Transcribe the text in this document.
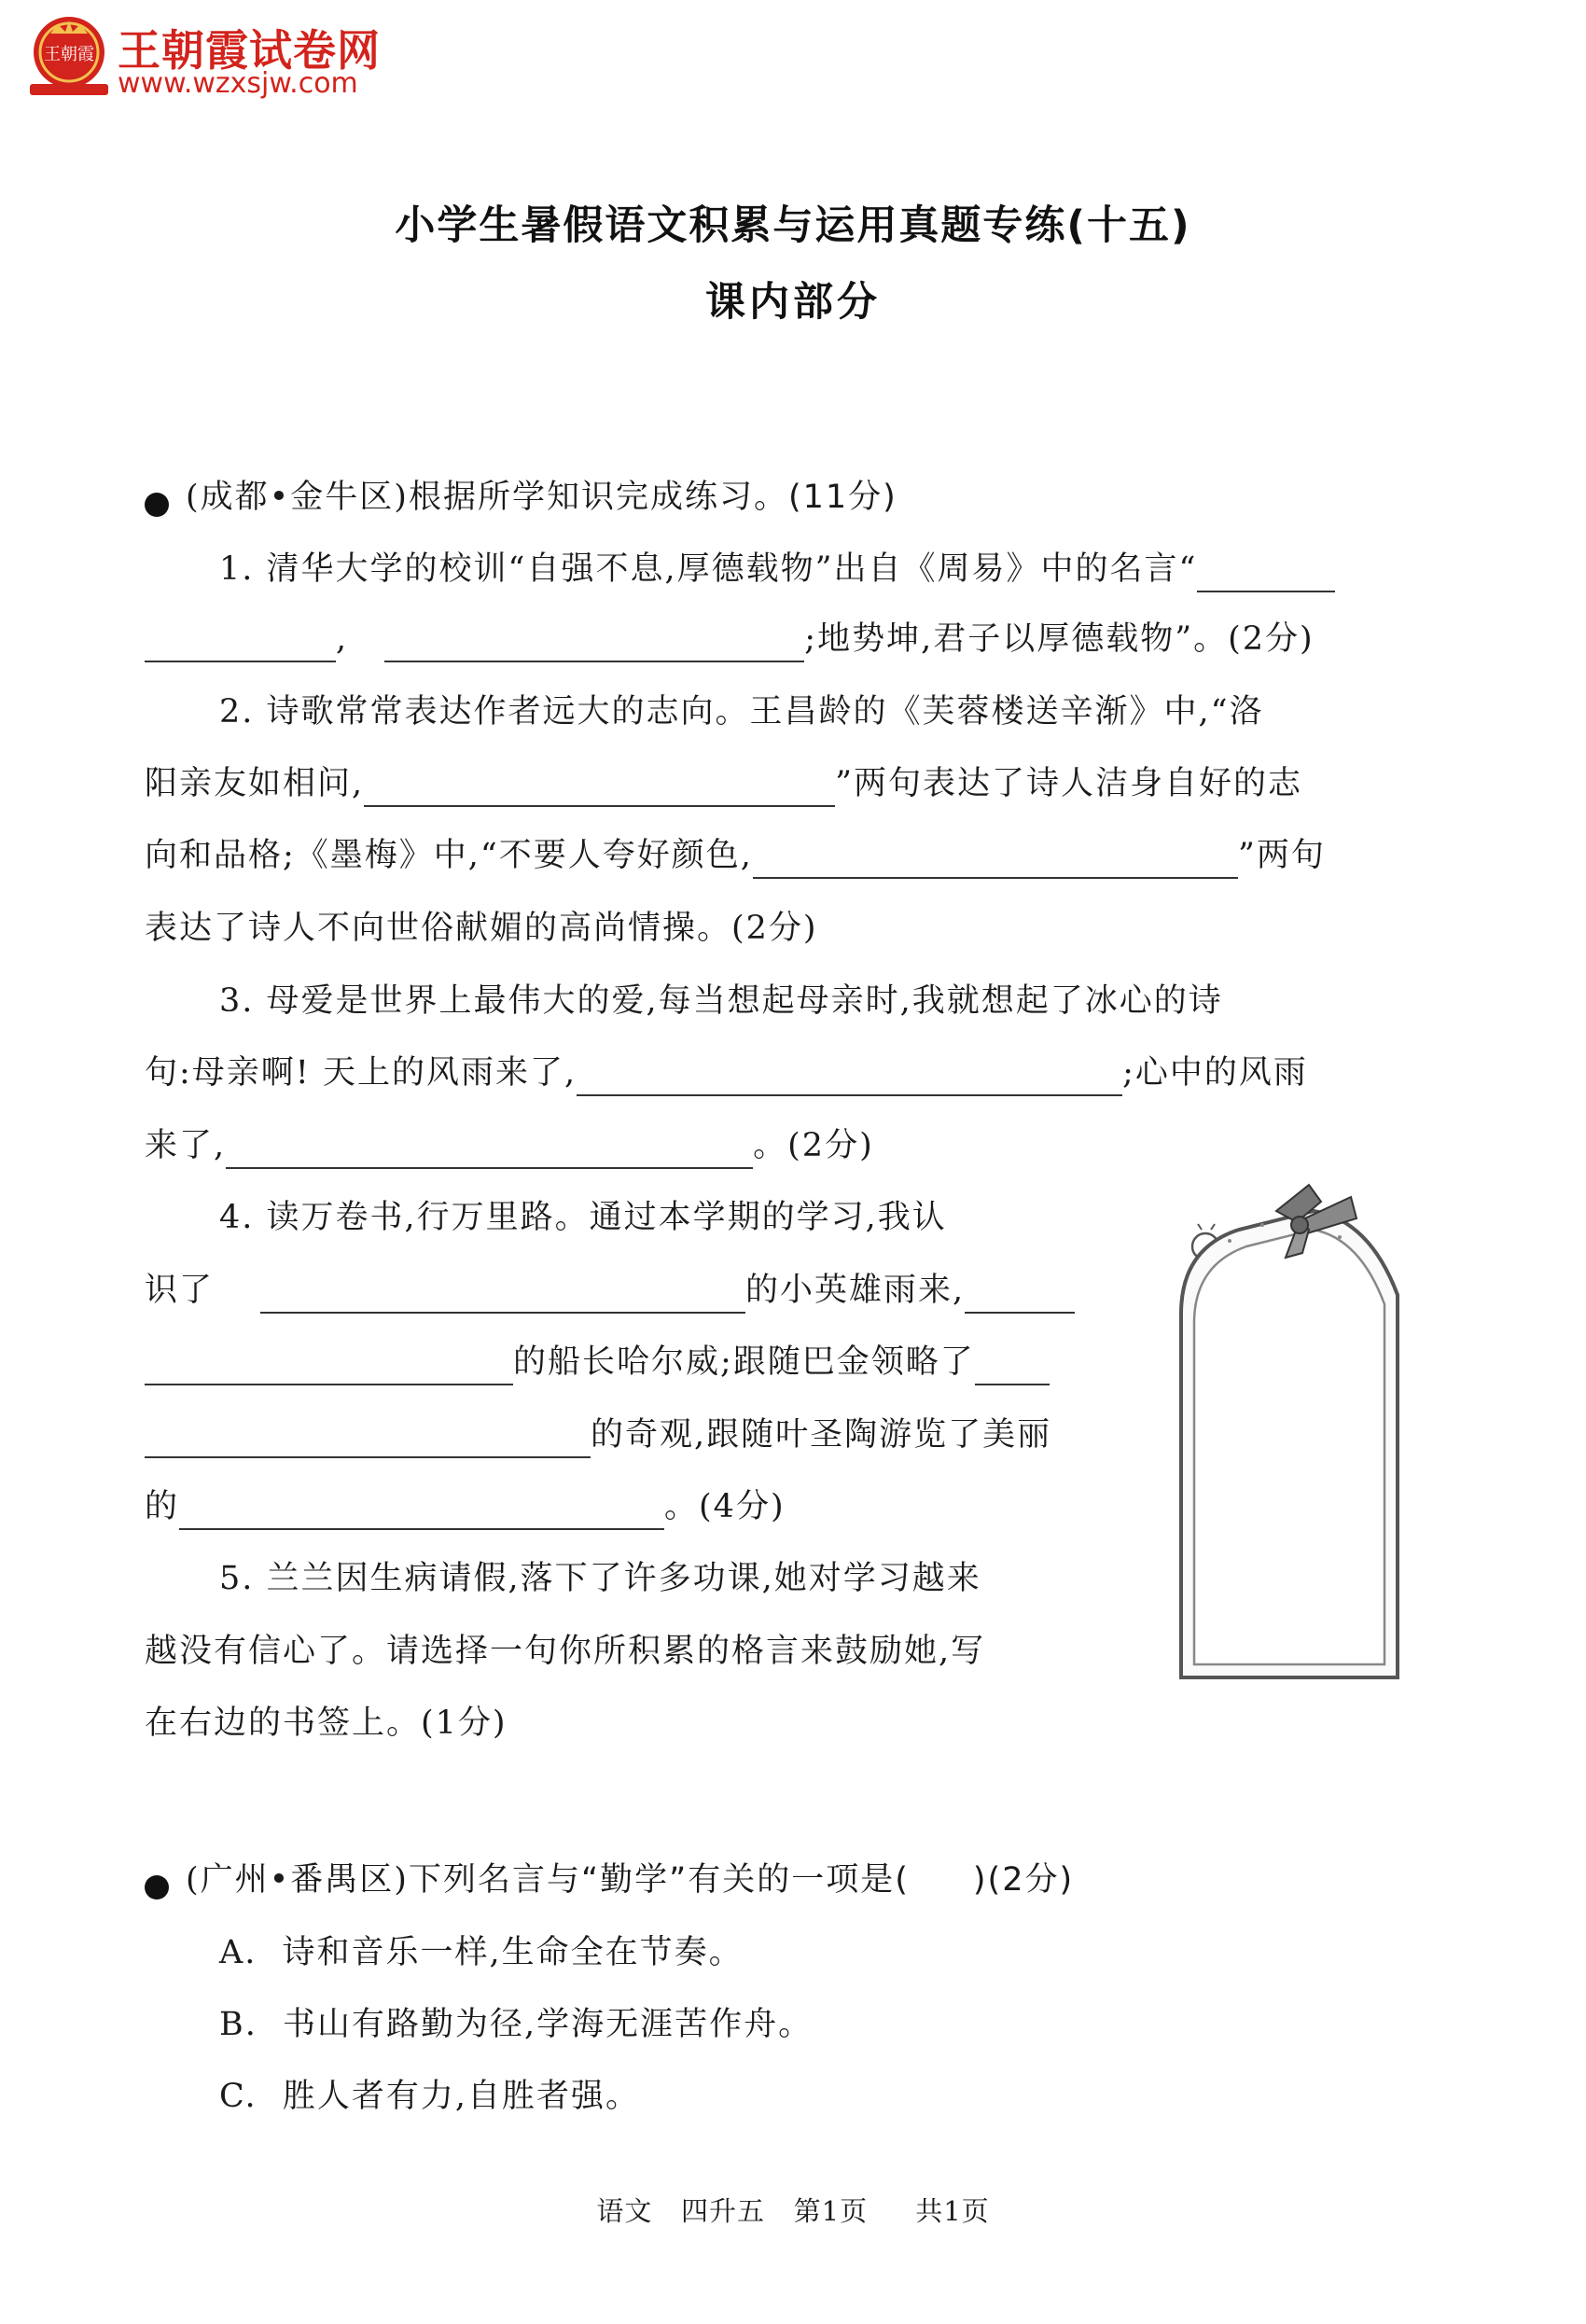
王朝霞 王朝霞试卷网
www.wzxsjw.com
小学生暑假语文积累与运用真题专练(十五)
课内部分
(成都•金牛区)根据所学知识完成练习。(11分)
1. 清华大学的校训“自强不息,厚德载物”出自《周易》中的名言“
,	;地势坤,君子以厚德载物”。(2分)
2. 诗歌常常表达作者远大的志向。王昌龄的《芙蓉楼送辛渐》中,“洛
阳亲友如相问,	”两句表达了诗人洁身自好的志
向和品格;《墨梅》中,“不要人夸好颜色,	”两句
表达了诗人不向世俗献媚的高尚情操。(2分)
3. 母爱是世界上最伟大的爱,每当想起母亲时,我就想起了冰心的诗
句:母亲啊! 天上的风雨来了,	;心中的风雨
来了,	。(2分)
4. 读万卷书,行万里路。通过本学期的学习,我认
识了	的小英雄雨来,
的船长哈尔威;跟随巴金领略了
的奇观,跟随叶圣陶游览了美丽
的	。(4分)
5. 兰兰因生病请假,落下了许多功课,她对学习越来
越没有信心了。请选择一句你所积累的格言来鼓励她,写
在右边的书签上。(1分)
(广州•番禺区)下列名言与“勤学”有关的一项是( )(2分)
A. 诗和音乐一样,生命全在节奏。
B. 书山有路勤为径,学海无涯苦作舟。
C. 胜人者有力,自胜者强。
语文   四升五   第1页     共1页
